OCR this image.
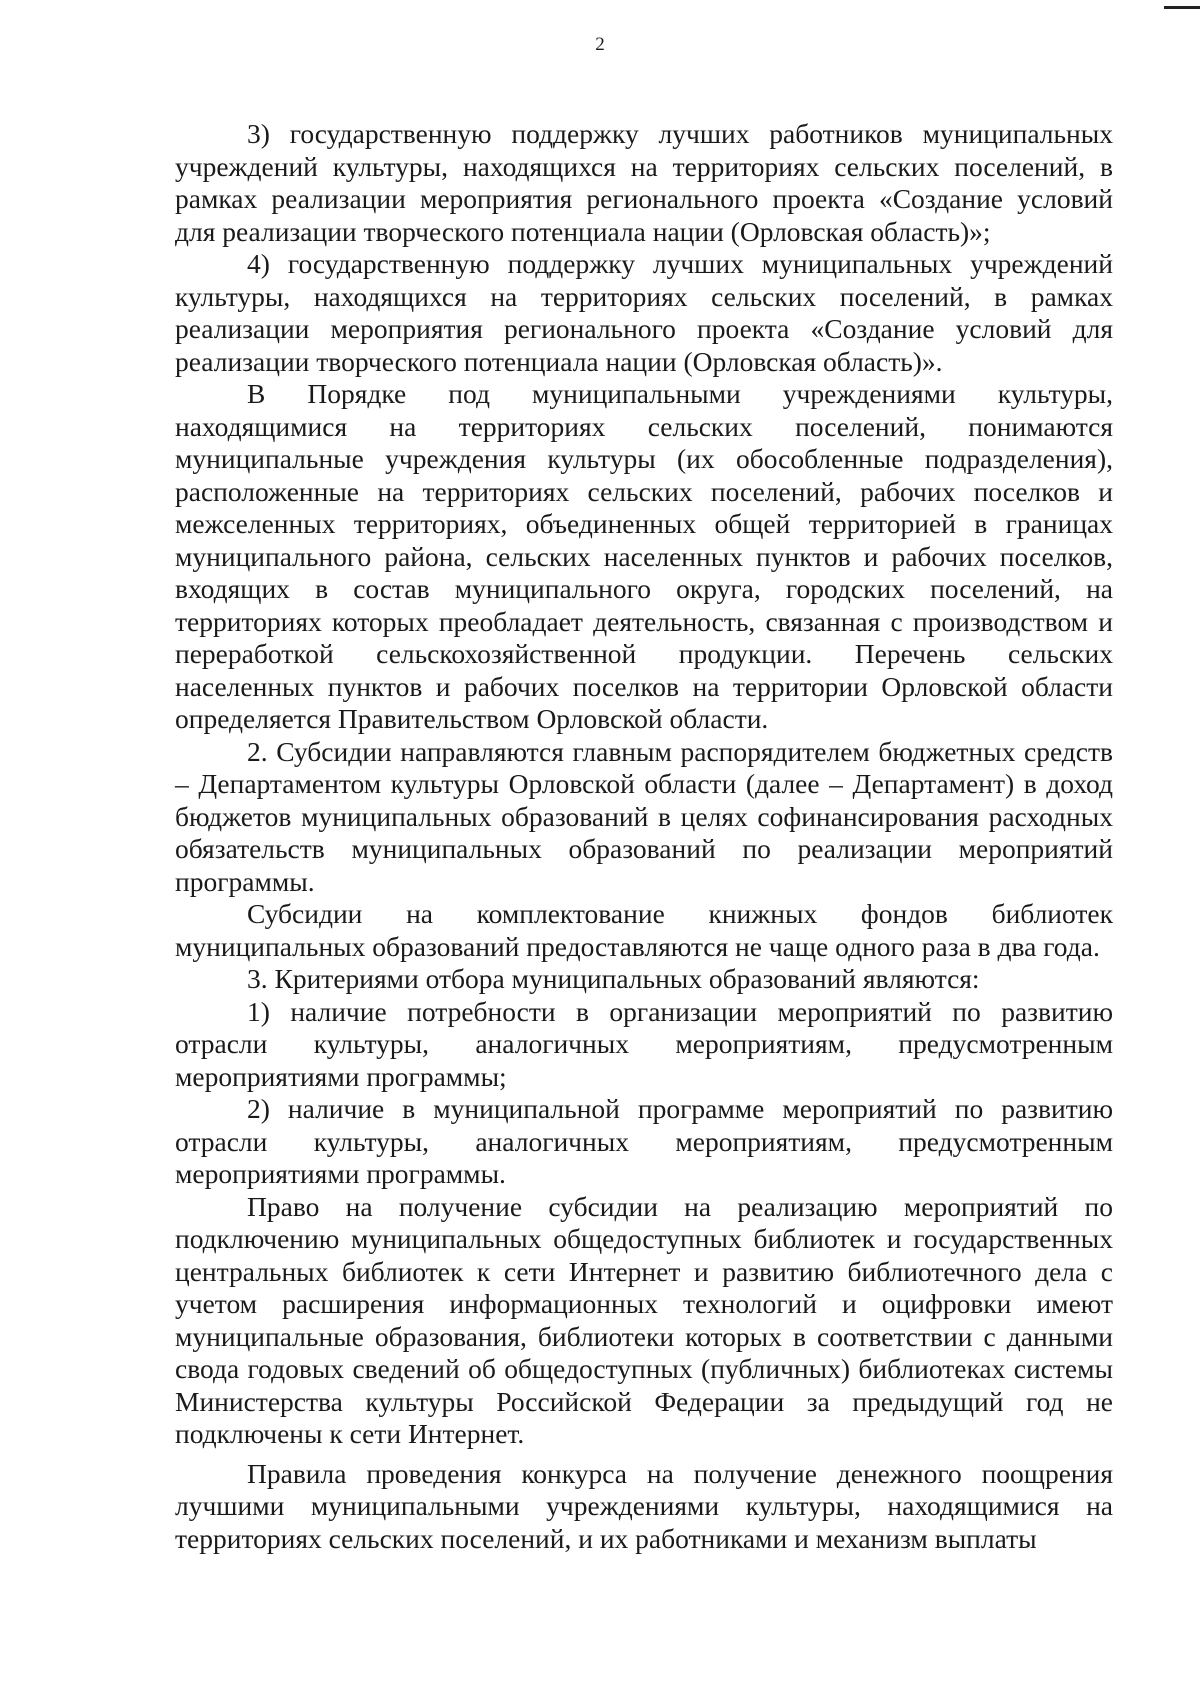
2

3) государственную поддержку лучших работников муниципальных учреждений культуры, находящихся на территориях сельских поселений, в рамках реализации мероприятия регионального проекта «Создание условий для реализации творческого потенциала нации (Орловская область)»;

4) государственную поддержку лучших муниципальных учреждений культуры, находящихся на территориях сельских поселений, в рамках реализации мероприятия регионального проекта «Создание условий для реализации творческого потенциала нации (Орловская область)».

В Порядке под муниципальными учреждениями культуры, находящимися на территориях сельских поселений, понимаются муниципальные учреждения культуры (их обособленные подразделения), расположенные на территориях сельских поселений, рабочих поселков и межселенных территориях, объединенных общей территорией в границах муниципального района, сельских населенных пунктов и рабочих поселков, входящих в состав муниципального округа, городских поселений, на территориях которых преобладает деятельность, связанная с производством и переработкой сельскохозяйственной продукции. Перечень сельских населенных пунктов и рабочих поселков на территории Орловской области определяется Правительством Орловской области.

2. Субсидии направляются главным распорядителем бюджетных средств – Департаментом культуры Орловской области (далее – Департамент) в доход бюджетов муниципальных образований в целях софинансирования расходных обязательств муниципальных образований по реализации мероприятий программы.

Субсидии на комплектование книжных фондов библиотек муниципальных образований предоставляются не чаще одного раза в два года.

3. Критериями отбора муниципальных образований являются:

1) наличие потребности в организации мероприятий по развитию отрасли культуры, аналогичных мероприятиям, предусмотренным мероприятиями программы;

2) наличие в муниципальной программе мероприятий по развитию отрасли культуры, аналогичных мероприятиям, предусмотренным мероприятиями программы.

Право на получение субсидии на реализацию мероприятий по подключению муниципальных общедоступных библиотек и государственных центральных библиотек к сети Интернет и развитию библиотечного дела с учетом расширения информационных технологий и оцифровки имеют муниципальные образования, библиотеки которых в соответствии с данными свода годовых сведений об общедоступных (публичных) библиотеках системы Министерства культуры Российской Федерации за предыдущий год не подключены к сети Интернет.

Правила проведения конкурса на получение денежного поощрения лучшими муниципальными учреждениями культуры, находящимися на территориях сельских поселений, и их работниками и механизм выплаты
